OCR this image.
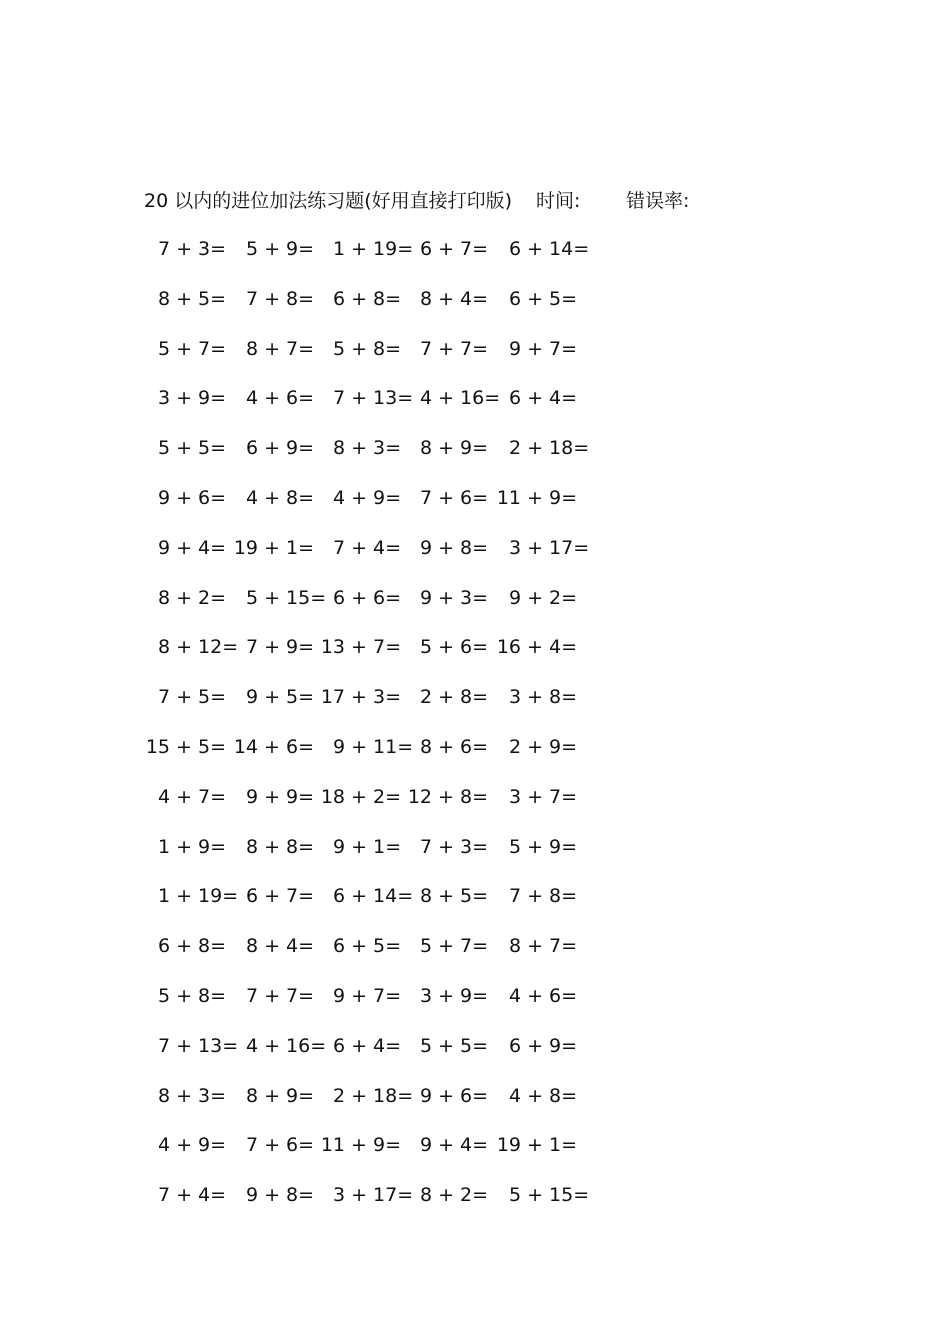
20 以内的进位加法练习题(好用直接打印版) 时间: 错误率:
7 + 3= 5 + 9= 1 + 19= 6 + 7= 6 + 14=
8 + 5= 7 + 8= 6 + 8= 8 + 4= 6 + 5=
5 + 7= 8 + 7= 5 + 8= 7 + 7= 9 + 7=
3 + 9= 4 + 6= 7 + 13= 4 + 16= 6 + 4=
5 + 5= 6 + 9= 8 + 3= 8 + 9= 2 + 18=
9 + 6= 4 + 8= 4 + 9= 7 + 6= 11 + 9=
9 + 4= 19 + 1= 7 + 4= 9 + 8= 3 + 17=
8 + 2= 5 + 15= 6 + 6= 9 + 3= 9 + 2=
8 + 12= 7 + 9= 13 + 7= 5 + 6= 16 + 4=
7 + 5= 9 + 5= 17 + 3= 2 + 8= 3 + 8=
15 + 5= 14 + 6= 9 + 11= 8 + 6= 2 + 9=
4 + 7= 9 + 9= 18 + 2= 12 + 8= 3 + 7=
1 + 9= 8 + 8= 9 + 1= 7 + 3= 5 + 9=
1 + 19= 6 + 7= 6 + 14= 8 + 5= 7 + 8=
6 + 8= 8 + 4= 6 + 5= 5 + 7= 8 + 7=
5 + 8= 7 + 7= 9 + 7= 3 + 9= 4 + 6=
7 + 13= 4 + 16= 6 + 4= 5 + 5= 6 + 9=
8 + 3= 8 + 9= 2 + 18= 9 + 6= 4 + 8=
4 + 9= 7 + 6= 11 + 9= 9 + 4= 19 + 1=
7 + 4= 9 + 8= 3 + 17= 8 + 2= 5 + 15=
